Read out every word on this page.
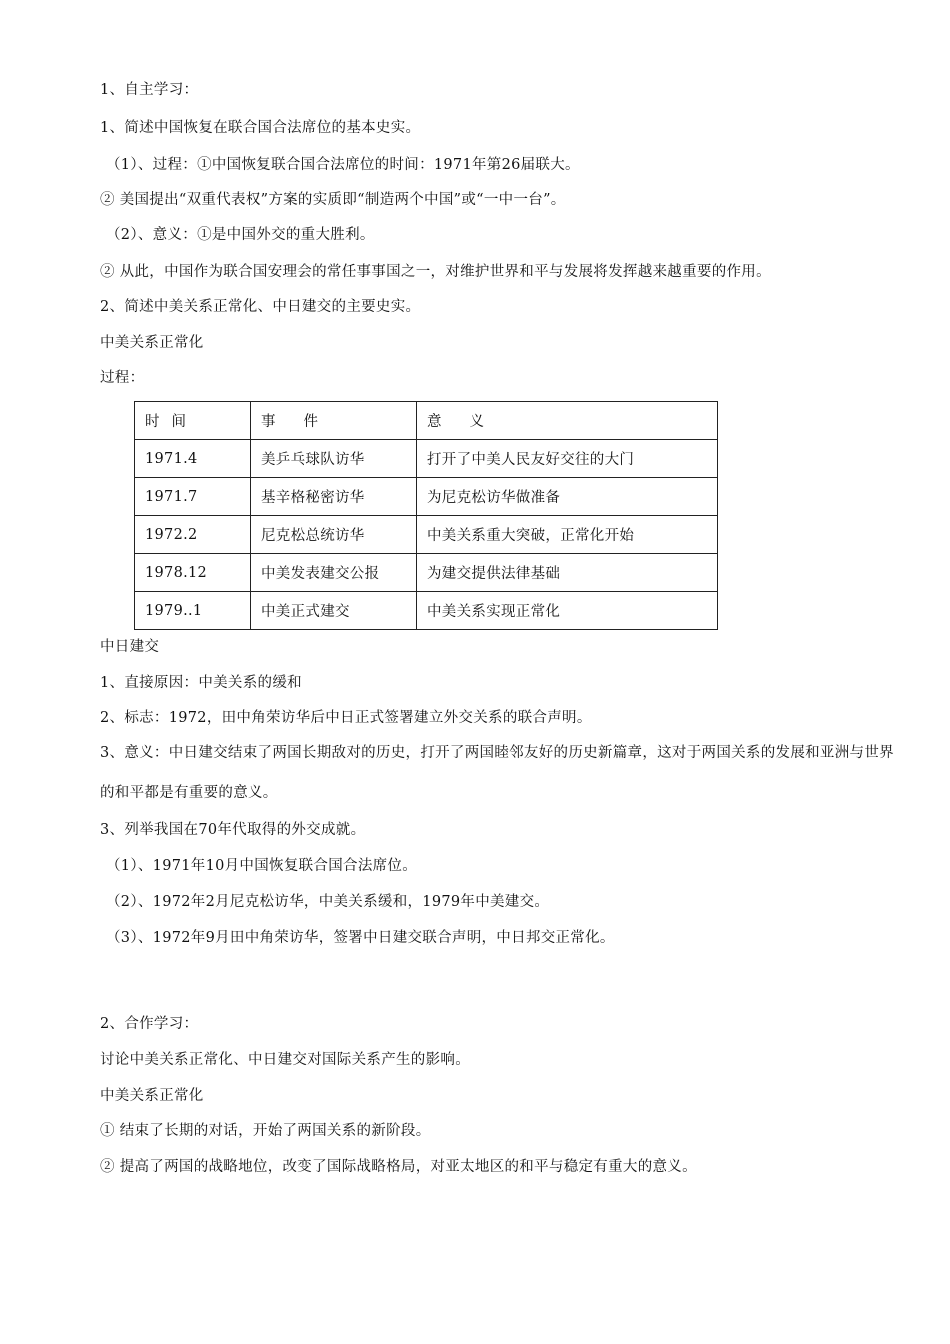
1、自主学习：
1、简述中国恢复在联合国合法席位的基本史实。
（1）、过程：①中国恢复联合国合法席位的时间：1971年第26届联大。
② 美国提出“双重代表权”方案的实质即“制造两个中国”或“一中一台”。
（2）、意义：①是中国外交的重大胜利。
② 从此，中国作为联合国安理会的常任事事国之一，对维护世界和平与发展将发挥越来越重要的作用。
2、简述中美关系正常化、中日建交的主要史实。
中美关系正常化
过程：
时间	事件	意义
1971.4	美乒乓球队访华	打开了中美人民友好交往的大门
1971.7	基辛格秘密访华	为尼克松访华做准备
1972.2	尼克松总统访华	中美关系重大突破，正常化开始
1978.12	中美发表建交公报	为建交提供法律基础
1979..1	中美正式建交	中美关系实现正常化
中日建交
1、直接原因：中美关系的缓和
2、标志：1972，田中角荣访华后中日正式签署建立外交关系的联合声明。
3、意义：中日建交结束了两国长期敌对的历史，打开了两国睦邻友好的历史新篇章，这对于两国关系的发展和亚洲与世界的和平都是有重要的意义。
3、列举我国在70年代取得的外交成就。
（1）、1971年10月中国恢复联合国合法席位。
（2）、1972年2月尼克松访华，中美关系缓和，1979年中美建交。
（3）、1972年9月田中角荣访华，签署中日建交联合声明，中日邦交正常化。
2、合作学习：
讨论中美关系正常化、中日建交对国际关系产生的影响。
中美关系正常化
① 结束了长期的对话，开始了两国关系的新阶段。
② 提高了两国的战略地位，改变了国际战略格局，对亚太地区的和平与稳定有重大的意义。
